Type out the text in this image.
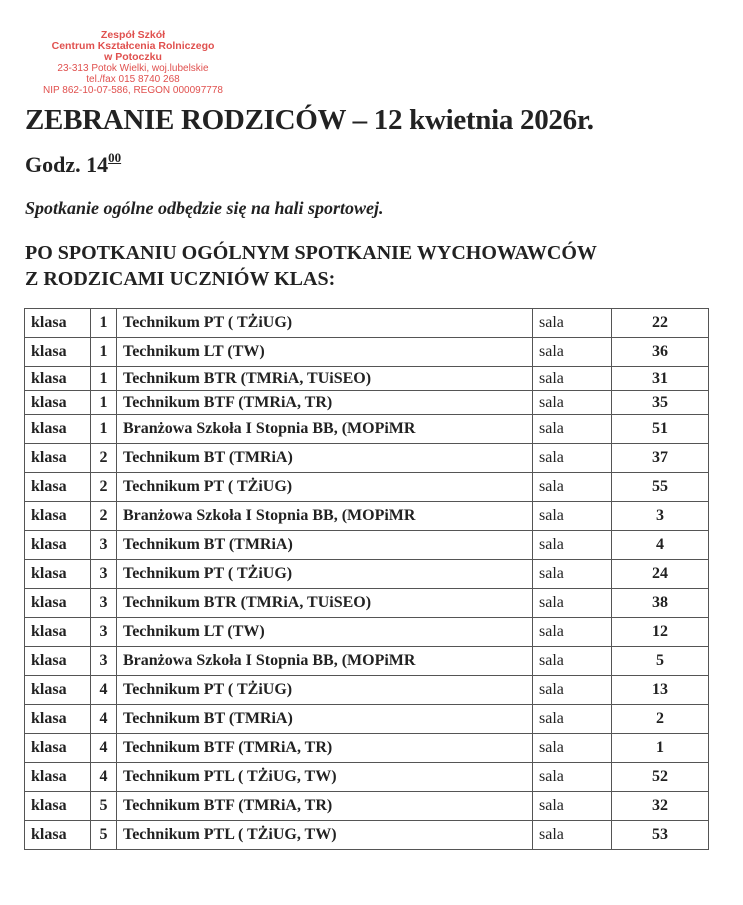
Zespół Szkół
Centrum Kształcenia Rolniczego
w Potoczku
23-313 Potok Wielki, woj.lubelskie
tel./fax 015 8740 268
NIP 862-10-07-586, REGON 000097778
ZEBRANIE RODZICÓW – 12 kwietnia 2026r.
Godz. $14^{00}$
Spotkanie ogólne odbędzie się na hali sportowej.
PO SPOTKANIU OGÓLNYM SPOTKANIE WYCHOWAWCÓW
Z RODZICAMI UCZNIÓW KLAS:
klasa	1	Technikum PT ( TŻiUG)	sala	22
klasa	1	Technikum LT (TW)	sala	36
klasa	1	Technikum BTR (TMRiA, TUiSEO)	sala	31
klasa	1	Technikum BTF (TMRiA, TR)	sala	35
klasa	1	Branżowa Szkoła I Stopnia BB, (MOPiMR	sala	51
klasa	2	Technikum BT (TMRiA)	sala	37
klasa	2	Technikum PT ( TŻiUG)	sala	55
klasa	2	Branżowa Szkoła I Stopnia BB, (MOPiMR	sala	3
klasa	3	Technikum BT (TMRiA)	sala	4
klasa	3	Technikum PT ( TŻiUG)	sala	24
klasa	3	Technikum BTR (TMRiA, TUiSEO)	sala	38
klasa	3	Technikum LT (TW)	sala	12
klasa	3	Branżowa Szkoła I Stopnia BB, (MOPiMR	sala	5
klasa	4	Technikum PT ( TŻiUG)	sala	13
klasa	4	Technikum BT (TMRiA)	sala	2
klasa	4	Technikum BTF (TMRiA, TR)	sala	1
klasa	4	Technikum PTL ( TŻiUG, TW)	sala	52
klasa	5	Technikum BTF (TMRiA, TR)	sala	32
klasa	5	Technikum PTL ( TŻiUG, TW)	sala	53
